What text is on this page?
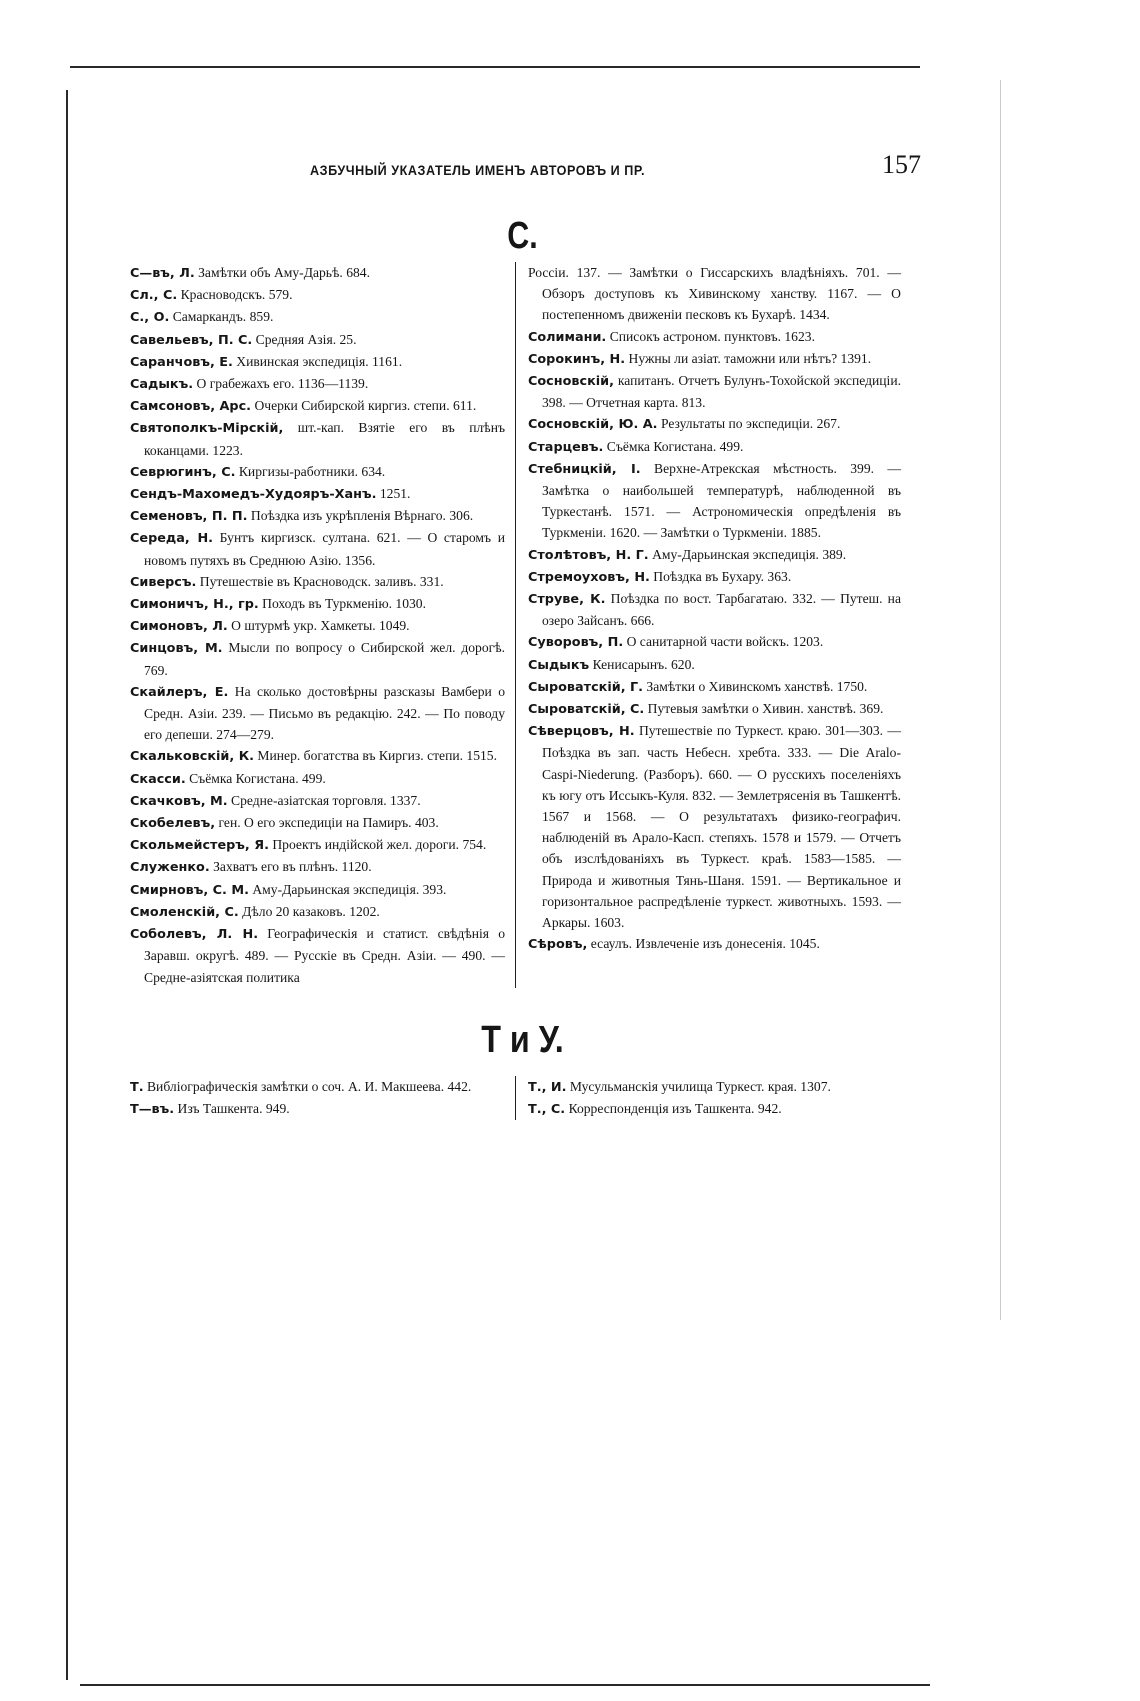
АЗБУЧНЫЙ УКАЗАТЕЛЬ ИМЕНЪ АВТОРОВЪ И ПР.	157
С.

С—въ, Л. Замѣтки объ Аму-Дарьѣ. 684.

Сл., С. Красноводскъ. 579.

С., О. Самаркандъ. 859.

Савельевъ, П. С. Средняя Азія. 25.

Саранчовъ, Е. Хивинская экспедиція. 1161.

Садыкъ. О грабежахъ его. 1136—1139.

Самсоновъ, Арс. Очерки Сибирской киргиз. степи. 611.

Святополкъ-Мірскій, шт.-кап. Взятіе его въ плѣнъ коканцами. 1223.

Севрюгинъ, С. Киргизы-работники. 634.

Сендъ-Махомедъ-Худояръ-Ханъ. 1251.

Семеновъ, П. П. Поѣздка изъ укрѣпленія Вѣрнаго. 306.

Середа, Н. Бунтъ киргизск. султана. 621. — О старомъ и новомъ путяхъ въ Среднюю Азію. 1356.

Сиверсъ. Путешествіе въ Красноводск. заливъ. 331.

Симоничъ, Н., гр. Походъ въ Туркменію. 1030.

Симоновъ, Л. О штурмѣ укр. Хамкеты. 1049.

Синцовъ, М. Мысли по вопросу о Сибирской жел. дорогѣ. 769.

Скайлеръ, Е. На сколько достовѣрны разсказы Вамбери о Средн. Азіи. 239. — Письмо въ редакцію. 242. — По поводу его депеши. 274—279.

Скальковскій, К. Минер. богатства въ Киргиз. степи. 1515.

Скасси. Съёмка Когистана. 499.

Скачковъ, М. Средне-азіатская торговля. 1337.

Скобелевъ, ген. О его экспедиціи на Памиръ. 403.

Скольмейстеръ, Я. Проектъ индійской жел. дороги. 754.

Служенко. Захватъ его въ плѣнъ. 1120.

Смирновъ, С. М. Аму-Дарьинская экспедиція. 393.

Смоленскій, С. Дѣло 20 казаковъ. 1202.

Соболевъ, Л. Н. Географическія и статист. свѣдѣнія о Заравш. округѣ. 489. — Русскіе въ Средн. Азіи. — 490. — Средне-азіятская политика

Россіи. 137. — Замѣтки о Гиссарскихъ владѣніяхъ. 701. — Обзоръ доступовъ къ Хивинскому ханству. 1167. — О постепенномъ движеніи песковъ къ Бухарѣ. 1434.

Солимани. Списокъ астроном. пунктовъ. 1623.

Сорокинъ, Н. Нужны ли азіат. таможни или нѣтъ? 1391.

Сосновскій, капитанъ. Отчетъ Булунъ-Тохойской экспедиціи. 398. — Отчетная карта. 813.

Сосновскій, Ю. А. Результаты по экспедиціи. 267.

Старцевъ. Съёмка Когистана. 499.

Стебницкій, І. Верхне-Атрекская мѣстность. 399. — Замѣтка о наибольшей температурѣ, наблюденной въ Туркестанѣ. 1571. — Астрономическія опредѣленія въ Туркменіи. 1620. — Замѣтки о Туркменіи. 1885.

Столѣтовъ, Н. Г. Аму-Дарьинская экспедиція. 389.

Стремоуховъ, Н. Поѣздка въ Бухару. 363.

Струве, К. Поѣздка по вост. Тарбагатаю. 332. — Путеш. на озеро Зайсанъ. 666.

Суворовъ, П. О санитарной части войскъ. 1203.

Сыдыкъ Кенисарынъ. 620.

Сыроватскій, Г. Замѣтки о Хивинскомъ ханствѣ. 1750.

Сыроватскій, С. Путевыя замѣтки о Хивин. ханствѣ. 369.

Сѣверцовъ, Н. Путешествіе по Туркест. краю. 301—303. — Поѣздка въ зап. часть Небесн. хребта. 333. — Die Aralo-Caspi-Niederung. (Разборъ). 660. — О русскихъ поселеніяхъ къ югу отъ Иссыкъ-Куля. 832. — Землетрясенія въ Ташкентѣ. 1567 и 1568. — О результатахъ физико-географич. наблюденій въ Арало-Касп. степяхъ. 1578 и 1579. — Отчетъ объ изслѣдованіяхъ въ Туркест. краѣ. 1583—1585. — Природа и животныя Тянь-Шаня. 1591. — Вертикальное и горизонтальное распредѣленіе туркест. животныхъ. 1593. — Аркары. 1603.

Сѣровъ, есаулъ. Извлеченіе изъ донесенія. 1045.

Т и У.

Т. Вибліографическія замѣтки о соч. А. И. Макшеева. 442.

Т—въ. Изъ Ташкента. 949.

Т., И. Мусульманскія училища Туркест. края. 1307.

Т., С. Корреспонденція изъ Ташкента. 942.
